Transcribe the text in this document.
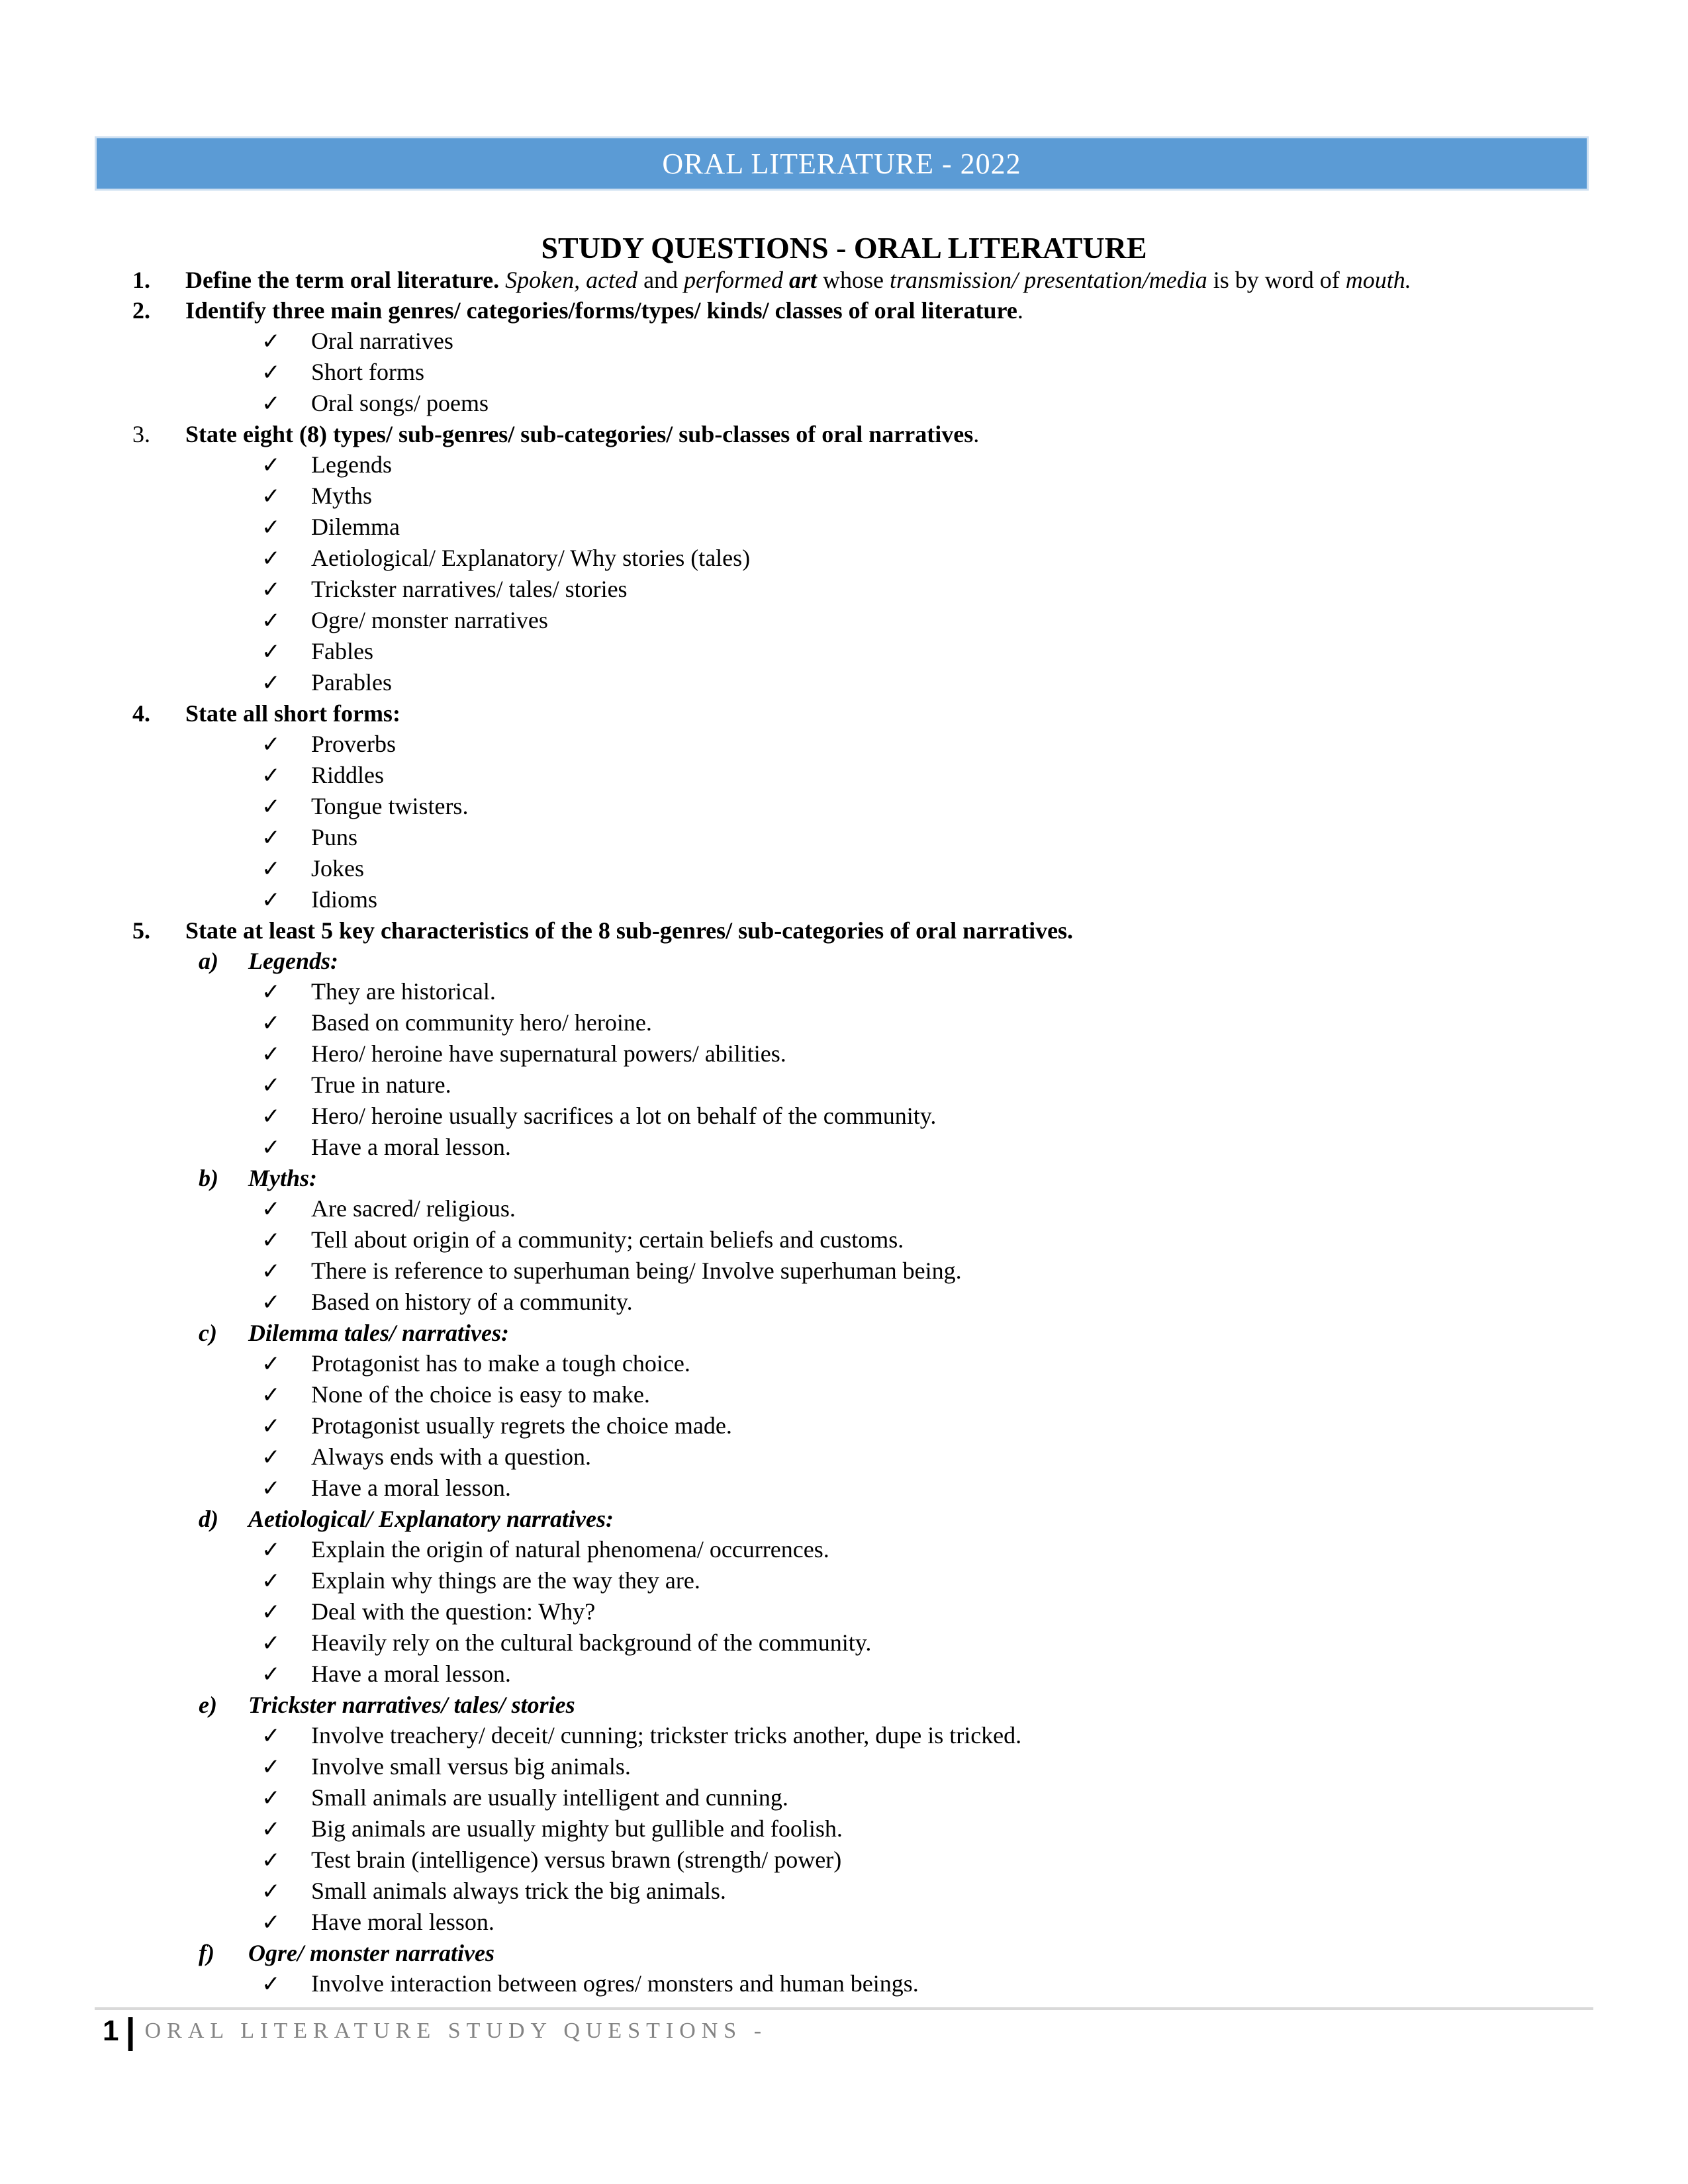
ORAL LITERATURE - 2022
STUDY QUESTIONS - ORAL LITERATURE
1.	Define the term oral literature. Spoken, acted and performed art whose transmission/ presentation/media is by word of mouth.
2.	Identify three main genres/ categories/forms/types/ kinds/ classes of oral literature.
✓	Oral narratives
✓	Short forms
✓	Oral songs/ poems
3.	State eight (8) types/ sub-genres/ sub-categories/ sub-classes of oral narratives.
✓	Legends
✓	Myths
✓	Dilemma
✓	Aetiological/ Explanatory/ Why stories (tales)
✓	Trickster narratives/ tales/ stories
✓	Ogre/ monster narratives
✓	Fables
✓	Parables
4.	State all short forms:
✓	Proverbs
✓	Riddles
✓	Tongue twisters.
✓	Puns
✓	Jokes
✓	Idioms
5.	State at least 5 key characteristics of the 8 sub-genres/ sub-categories of oral narratives.
a)	Legends:
✓	They are historical.
✓	Based on community hero/ heroine.
✓	Hero/ heroine have supernatural powers/ abilities.
✓	True in nature.
✓	Hero/ heroine usually sacrifices a lot on behalf of the community.
✓	Have a moral lesson.
b)	Myths:
✓	Are sacred/ religious.
✓	Tell about origin of a community; certain beliefs and customs.
✓	There is reference to superhuman being/ Involve superhuman being.
✓	Based on history of a community.
c)	Dilemma tales/ narratives:
✓	Protagonist has to make a tough choice.
✓	None of the choice is easy to make.
✓	Protagonist usually regrets the choice made.
✓	Always ends with a question.
✓	Have a moral lesson.
d)	Aetiological/ Explanatory narratives:
✓	Explain the origin of natural phenomena/ occurrences.
✓	Explain why things are the way they are.
✓	Deal with the question: Why?
✓	Heavily rely on the cultural background of the community.
✓	Have a moral lesson.
e)	Trickster narratives/ tales/ stories
✓	Involve treachery/ deceit/ cunning; trickster tricks another, dupe is tricked.
✓	Involve small versus big animals.
✓	Small animals are usually intelligent and cunning.
✓	Big animals are usually mighty but gullible and foolish.
✓	Test brain (intelligence) versus brawn (strength/ power)
✓	Small animals always trick the big animals.
✓	Have moral lesson.
f)	Ogre/ monster narratives
✓	Involve interaction between ogres/ monsters and human beings.
1 | ORAL LITERATURE STUDY QUESTIONS -
